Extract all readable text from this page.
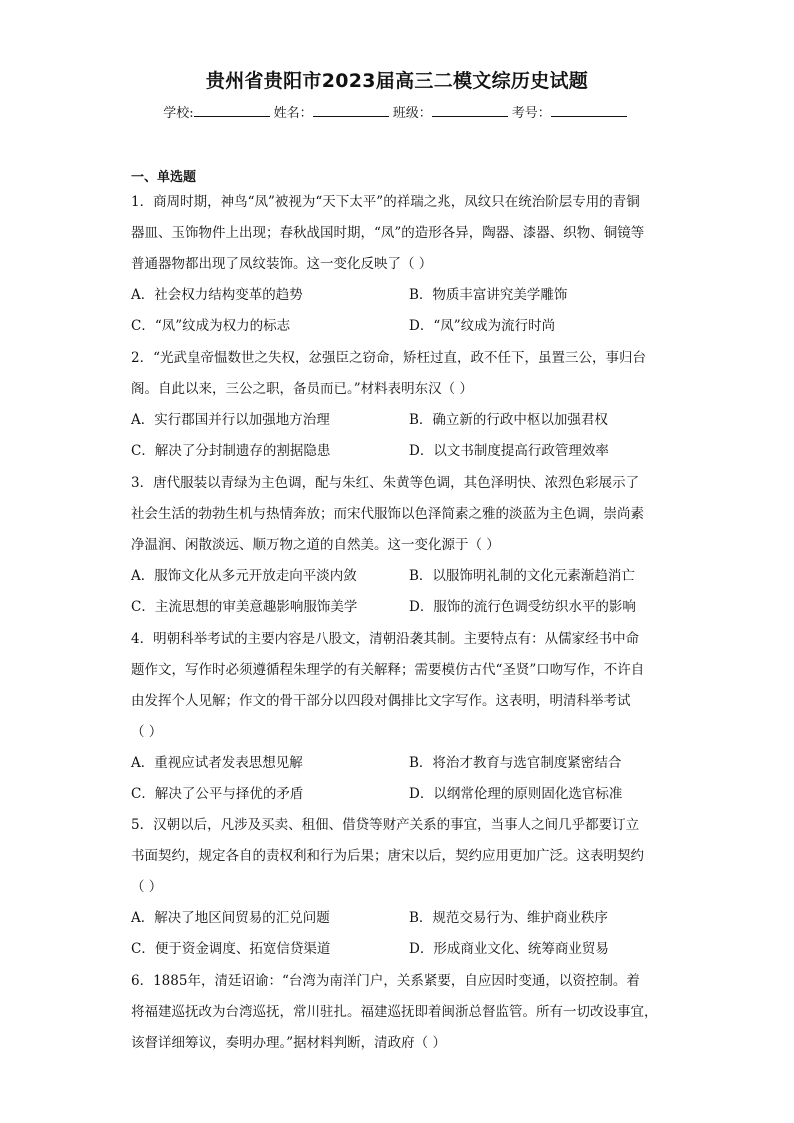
贵州省贵阳市2023届高三二模文综历史试题
学校:	姓名：	班级：	考号：
一、单选题
1．商周时期，神鸟“凤”被视为“天下太平”的祥瑞之兆，凤纹只在统治阶层专用的青铜
器皿、玉饰物件上出现；春秋战国时期，“凤”的造形各异，陶器、漆器、织物、铜镜等
普通器物都出现了凤纹装饰。这一变化反映了（ ）
A．社会权力结构变革的趋势	B．物质丰富讲究美学雕饰
C．“凤”纹成为权力的标志	D．“凤”纹成为流行时尚
2．“光武皇帝愠数世之失权，忿强臣之窃命，矫枉过直，政不任下，虽置三公，事归台
阁。自此以来，三公之职，备员而已。”材料表明东汉（ ）
A．实行郡国并行以加强地方治理	B．确立新的行政中枢以加强君权
C．解决了分封制遗存的割据隐患	D．以文书制度提高行政管理效率
3．唐代服装以青绿为主色调，配与朱红、朱黄等色调，其色泽明快、浓烈色彩展示了
社会生活的勃勃生机与热情奔放；而宋代服饰以色泽简素之雅的淡蓝为主色调，崇尚素
净温润、闲散淡远、顺万物之道的自然美。这一变化源于（ ）
A．服饰文化从多元开放走向平淡内敛	B．以服饰明礼制的文化元素渐趋消亡
C．主流思想的审美意趣影响服饰美学	D．服饰的流行色调受纺织水平的影响
4．明朝科举考试的主要内容是八股文，清朝沿袭其制。主要特点有：从儒家经书中命
题作文，写作时必须遵循程朱理学的有关解释；需要模仿古代“圣贤”口吻写作，不许自
由发挥个人见解；作文的骨干部分以四段对偶排比文字写作。这表明，明清科举考试
（ ）
A．重视应试者发表思想见解	B．将治才教育与选官制度紧密结合
C．解决了公平与择优的矛盾	D．以纲常伦理的原则固化选官标准
5．汉朝以后，凡涉及买卖、租佃、借贷等财产关系的事宜，当事人之间几乎都要订立
书面契约，规定各自的责权利和行为后果；唐宋以后，契约应用更加广泛。这表明契约
（ ）
A．解决了地区间贸易的汇兑问题	B．规范交易行为、维护商业秩序
C．便于资金调度、拓宽信贷渠道	D．形成商业文化、统筹商业贸易
6．1885年，清廷诏谕：“台湾为南洋门户，关系紧要，自应因时变通，以资控制。着
将福建巡抚改为台湾巡抚，常川驻扎。福建巡抚即着闽浙总督监管。所有一切改设事宜，
该督详细筹议，奏明办理。”据材料判断，清政府（ ）
